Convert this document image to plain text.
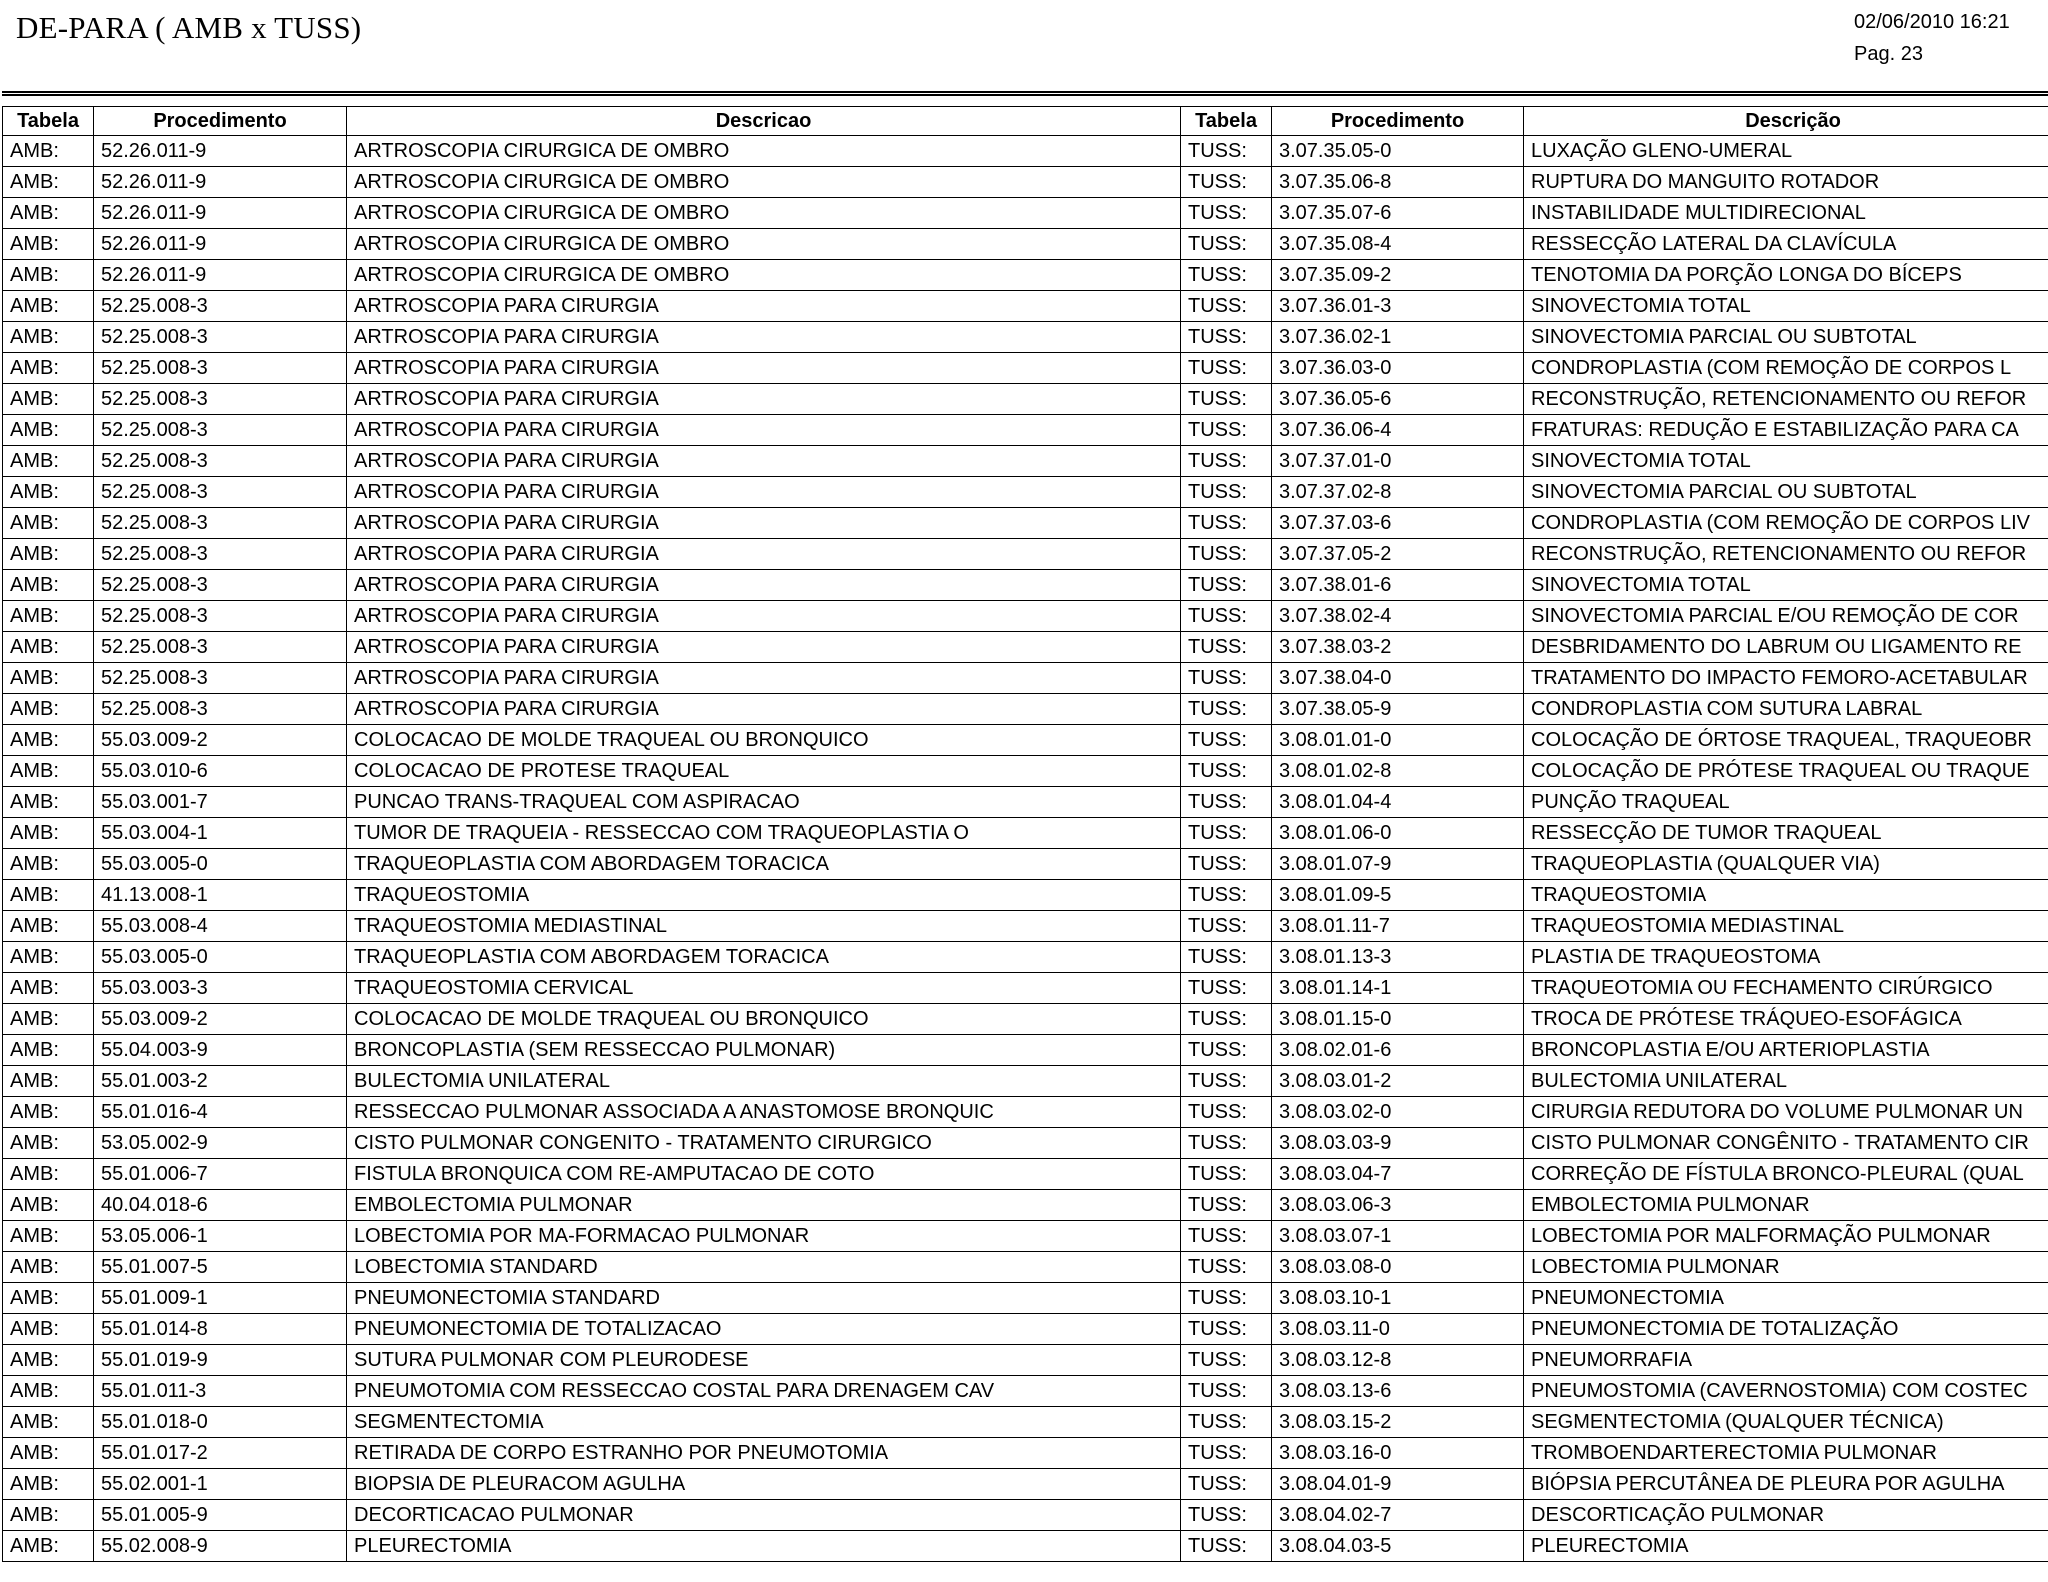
DE-PARA ( AMB x TUSS)	02/06/2010 16:21
Pag. 23
Tabela	Procedimento	Descricao	Tabela	Procedimento	Descrição
AMB:	52.26.011-9	ARTROSCOPIA CIRURGICA DE OMBRO	TUSS:	3.07.35.05-0	LUXAÇÃO GLENO-UMERAL
AMB:	52.26.011-9	ARTROSCOPIA CIRURGICA DE OMBRO	TUSS:	3.07.35.06-8	RUPTURA DO MANGUITO ROTADOR
AMB:	52.26.011-9	ARTROSCOPIA CIRURGICA DE OMBRO	TUSS:	3.07.35.07-6	INSTABILIDADE MULTIDIRECIONAL
AMB:	52.26.011-9	ARTROSCOPIA CIRURGICA DE OMBRO	TUSS:	3.07.35.08-4	RESSECÇÃO LATERAL DA CLAVÍCULA
AMB:	52.26.011-9	ARTROSCOPIA CIRURGICA DE OMBRO	TUSS:	3.07.35.09-2	TENOTOMIA DA PORÇÃO LONGA DO BÍCEPS
AMB:	52.25.008-3	ARTROSCOPIA PARA CIRURGIA	TUSS:	3.07.36.01-3	SINOVECTOMIA TOTAL
AMB:	52.25.008-3	ARTROSCOPIA PARA CIRURGIA	TUSS:	3.07.36.02-1	SINOVECTOMIA PARCIAL OU SUBTOTAL
AMB:	52.25.008-3	ARTROSCOPIA PARA CIRURGIA	TUSS:	3.07.36.03-0	CONDROPLASTIA (COM REMOÇÃO DE CORPOS L
AMB:	52.25.008-3	ARTROSCOPIA PARA CIRURGIA	TUSS:	3.07.36.05-6	RECONSTRUÇÃO, RETENCIONAMENTO OU REFOR
AMB:	52.25.008-3	ARTROSCOPIA PARA CIRURGIA	TUSS:	3.07.36.06-4	FRATURAS: REDUÇÃO E ESTABILIZAÇÃO PARA CA
AMB:	52.25.008-3	ARTROSCOPIA PARA CIRURGIA	TUSS:	3.07.37.01-0	SINOVECTOMIA TOTAL
AMB:	52.25.008-3	ARTROSCOPIA PARA CIRURGIA	TUSS:	3.07.37.02-8	SINOVECTOMIA PARCIAL OU SUBTOTAL
AMB:	52.25.008-3	ARTROSCOPIA PARA CIRURGIA	TUSS:	3.07.37.03-6	CONDROPLASTIA (COM REMOÇÃO DE CORPOS LIV
AMB:	52.25.008-3	ARTROSCOPIA PARA CIRURGIA	TUSS:	3.07.37.05-2	RECONSTRUÇÃO, RETENCIONAMENTO OU REFOR
AMB:	52.25.008-3	ARTROSCOPIA PARA CIRURGIA	TUSS:	3.07.38.01-6	SINOVECTOMIA TOTAL
AMB:	52.25.008-3	ARTROSCOPIA PARA CIRURGIA	TUSS:	3.07.38.02-4	SINOVECTOMIA PARCIAL E/OU REMOÇÃO DE COR
AMB:	52.25.008-3	ARTROSCOPIA PARA CIRURGIA	TUSS:	3.07.38.03-2	DESBRIDAMENTO DO LABRUM OU LIGAMENTO RE
AMB:	52.25.008-3	ARTROSCOPIA PARA CIRURGIA	TUSS:	3.07.38.04-0	TRATAMENTO DO IMPACTO FEMORO-ACETABULAR
AMB:	52.25.008-3	ARTROSCOPIA PARA CIRURGIA	TUSS:	3.07.38.05-9	CONDROPLASTIA COM SUTURA LABRAL
AMB:	55.03.009-2	COLOCACAO DE MOLDE TRAQUEAL OU BRONQUICO	TUSS:	3.08.01.01-0	COLOCAÇÃO DE ÓRTOSE TRAQUEAL, TRAQUEOBR
AMB:	55.03.010-6	COLOCACAO DE PROTESE TRAQUEAL	TUSS:	3.08.01.02-8	COLOCAÇÃO DE PRÓTESE TRAQUEAL OU TRAQUE
AMB:	55.03.001-7	PUNCAO TRANS-TRAQUEAL COM ASPIRACAO	TUSS:	3.08.01.04-4	PUNÇÃO TRAQUEAL
AMB:	55.03.004-1	TUMOR DE TRAQUEIA - RESSECCAO COM TRAQUEOPLASTIA O	TUSS:	3.08.01.06-0	RESSECÇÃO DE TUMOR TRAQUEAL
AMB:	55.03.005-0	TRAQUEOPLASTIA COM ABORDAGEM TORACICA	TUSS:	3.08.01.07-9	TRAQUEOPLASTIA (QUALQUER VIA)
AMB:	41.13.008-1	TRAQUEOSTOMIA	TUSS:	3.08.01.09-5	TRAQUEOSTOMIA
AMB:	55.03.008-4	TRAQUEOSTOMIA MEDIASTINAL	TUSS:	3.08.01.11-7	TRAQUEOSTOMIA MEDIASTINAL
AMB:	55.03.005-0	TRAQUEOPLASTIA COM ABORDAGEM TORACICA	TUSS:	3.08.01.13-3	PLASTIA DE TRAQUEOSTOMA
AMB:	55.03.003-3	TRAQUEOSTOMIA CERVICAL	TUSS:	3.08.01.14-1	TRAQUEOTOMIA OU FECHAMENTO CIRÚRGICO
AMB:	55.03.009-2	COLOCACAO DE MOLDE TRAQUEAL OU BRONQUICO	TUSS:	3.08.01.15-0	TROCA DE PRÓTESE TRÁQUEO-ESOFÁGICA
AMB:	55.04.003-9	BRONCOPLASTIA (SEM RESSECCAO PULMONAR)	TUSS:	3.08.02.01-6	BRONCOPLASTIA E/OU ARTERIOPLASTIA
AMB:	55.01.003-2	BULECTOMIA UNILATERAL	TUSS:	3.08.03.01-2	BULECTOMIA UNILATERAL
AMB:	55.01.016-4	RESSECCAO PULMONAR ASSOCIADA A ANASTOMOSE BRONQUIC	TUSS:	3.08.03.02-0	CIRURGIA REDUTORA DO VOLUME PULMONAR UN
AMB:	53.05.002-9	CISTO PULMONAR CONGENITO - TRATAMENTO CIRURGICO	TUSS:	3.08.03.03-9	CISTO PULMONAR CONGÊNITO - TRATAMENTO CIR
AMB:	55.01.006-7	FISTULA BRONQUICA COM RE-AMPUTACAO DE COTO	TUSS:	3.08.03.04-7	CORREÇÃO DE FÍSTULA BRONCO-PLEURAL (QUAL
AMB:	40.04.018-6	EMBOLECTOMIA PULMONAR	TUSS:	3.08.03.06-3	EMBOLECTOMIA PULMONAR
AMB:	53.05.006-1	LOBECTOMIA POR MA-FORMACAO PULMONAR	TUSS:	3.08.03.07-1	LOBECTOMIA POR MALFORMAÇÃO PULMONAR
AMB:	55.01.007-5	LOBECTOMIA STANDARD	TUSS:	3.08.03.08-0	LOBECTOMIA PULMONAR
AMB:	55.01.009-1	PNEUMONECTOMIA STANDARD	TUSS:	3.08.03.10-1	PNEUMONECTOMIA
AMB:	55.01.014-8	PNEUMONECTOMIA DE TOTALIZACAO	TUSS:	3.08.03.11-0	PNEUMONECTOMIA DE TOTALIZAÇÃO
AMB:	55.01.019-9	SUTURA PULMONAR COM PLEURODESE	TUSS:	3.08.03.12-8	PNEUMORRAFIA
AMB:	55.01.011-3	PNEUMOTOMIA COM RESSECCAO COSTAL PARA DRENAGEM CAV	TUSS:	3.08.03.13-6	PNEUMOSTOMIA (CAVERNOSTOMIA) COM COSTEC
AMB:	55.01.018-0	SEGMENTECTOMIA	TUSS:	3.08.03.15-2	SEGMENTECTOMIA (QUALQUER TÉCNICA)
AMB:	55.01.017-2	RETIRADA DE CORPO ESTRANHO POR PNEUMOTOMIA	TUSS:	3.08.03.16-0	TROMBOENDARTERECTOMIA PULMONAR
AMB:	55.02.001-1	BIOPSIA DE PLEURACOM AGULHA	TUSS:	3.08.04.01-9	BIÓPSIA PERCUTÂNEA DE PLEURA POR AGULHA
AMB:	55.01.005-9	DECORTICACAO PULMONAR	TUSS:	3.08.04.02-7	DESCORTICAÇÃO PULMONAR
AMB:	55.02.008-9	PLEURECTOMIA	TUSS:	3.08.04.03-5	PLEURECTOMIA
